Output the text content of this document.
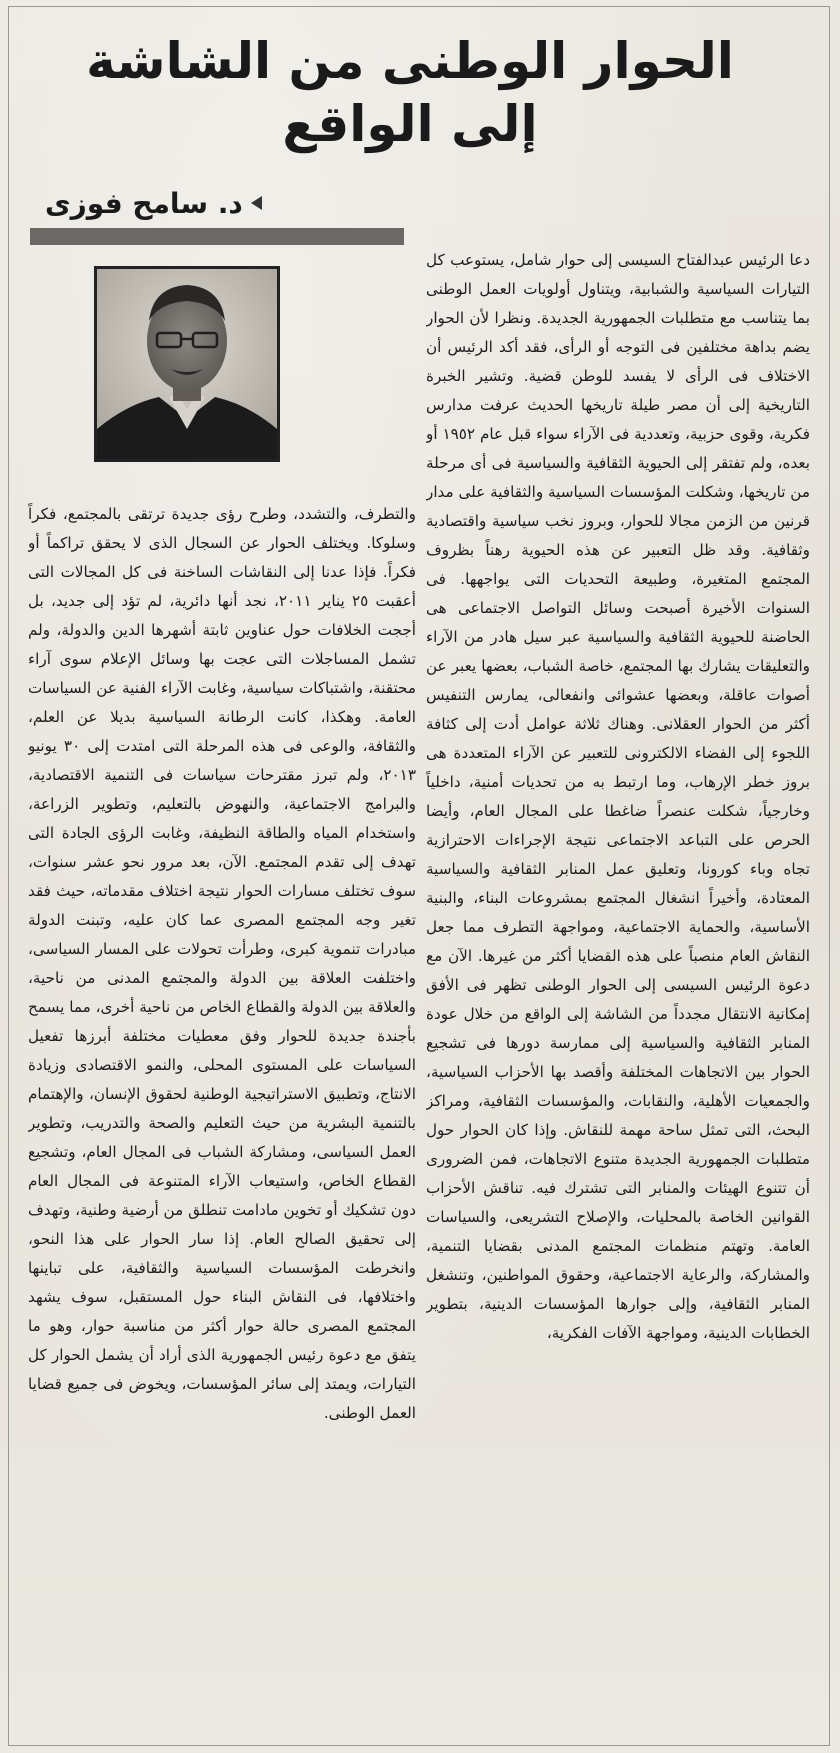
الحوار الوطنى من الشاشة إلى الواقع
د. سامح فوزى

دعا الرئيس عبدالفتاح السيسى إلى حوار شامل، يستوعب كل التيارات السياسية والشبابية، ويتناول أولويات العمل الوطنى بما يتناسب مع متطلبات الجمهورية الجديدة. ونظرا لأن الحوار يضم بداهة مختلفين فى التوجه أو الرأى، فقد أكد الرئيس أن الاختلاف فى الرأى لا يفسد للوطن قضية. وتشير الخبرة التاريخية إلى أن مصر طيلة تاريخها الحديث عرفت مدارس فكرية، وقوى حزبية، وتعددية فى الآراء سواء قبل عام ١٩٥٢ أو بعده، ولم تفتقر إلى الحيوية الثقافية والسياسية فى أى مرحلة من تاريخها، وشكلت المؤسسات السياسية والثقافية على مدار قرنين من الزمن مجالا للحوار، وبروز نخب سياسية واقتصادية وثقافية. وقد ظل التعبير عن هذه الحيوية رهناً بظروف المجتمع المتغيرة، وطبيعة التحديات التى يواجهها. فى السنوات الأخيرة أصبحت وسائل التواصل الاجتماعى هى الحاضنة للحيوية الثقافية والسياسية عبر سيل هادر من الآراء والتعليقات يشارك بها المجتمع، خاصة الشباب، بعضها يعبر عن أصوات عاقلة، وبعضها عشوائى وانفعالى، يمارس التنفيس أكثر من الحوار العقلانى. وهناك ثلاثة عوامل أدت إلى كثافة اللجوء إلى الفضاء الالكترونى للتعبير عن الآراء المتعددة هى بروز خطر الإرهاب، وما ارتبط به من تحديات أمنية، داخلياً وخارجياً، شكلت عنصراً ضاغطا على المجال العام، وأيضا الحرص على التباعد الاجتماعى نتيجة الإجراءات الاحترازية تجاه وباء كورونا، وتعليق عمل المنابر الثقافية والسياسية المعتادة، وأخيراً انشغال المجتمع بمشروعات البناء، والبنية الأساسية، والحماية الاجتماعية، ومواجهة التطرف مما جعل النقاش العام منصباً على هذه القضايا أكثر من غيرها. الآن مع دعوة الرئيس السيسى إلى الحوار الوطنى تظهر فى الأفق إمكانية الانتقال مجدداً من الشاشة إلى الواقع من خلال عودة المنابر الثقافية والسياسية إلى ممارسة دورها فى تشجيع الحوار بين الاتجاهات المختلفة وأقصد بها الأحزاب السياسية، والجمعيات الأهلية، والنقابات، والمؤسسات الثقافية، ومراكز البحث، التى تمثل ساحة مهمة للنقاش. وإذا كان الحوار حول متطلبات الجمهورية الجديدة متنوع الاتجاهات، فمن الضرورى أن تتنوع الهيئات والمنابر التى تشترك فيه. تناقش الأحزاب القوانين الخاصة بالمحليات، والإصلاح التشريعى، والسياسات العامة. وتهتم منظمات المجتمع المدنى بقضايا التنمية، والمشاركة، والرعاية الاجتماعية، وحقوق المواطنين، وتنشغل المنابر الثقافية، وإلى جوارها المؤسسات الدينية، بتطوير الخطابات الدينية، ومواجهة الآفات الفكرية،

والتطرف، والتشدد، وطرح رؤى جديدة ترتقى بالمجتمع، فكراً وسلوكا. ويختلف الحوار عن السجال الذى لا يحقق تراكماً أو فكراً. فإذا عدنا إلى النقاشات الساخنة فى كل المجالات التى أعقبت ٢٥ يناير ٢٠١١، نجد أنها دائرية، لم تؤد إلى جديد، بل أججت الخلافات حول عناوين ثابتة أشهرها الدين والدولة، ولم تشمل المساجلات التى عجت بها وسائل الإعلام سوى آراء محتقنة، واشتباكات سياسية، وغابت الآراء الفنية عن السياسات العامة. وهكذا، كانت الرطانة السياسية بديلا عن العلم، والثقافة، والوعى فى هذه المرحلة التى امتدت إلى ٣٠ يونيو ٢٠١٣، ولم تبرز مقترحات سياسات فى التنمية الاقتصادية، والبرامج الاجتماعية، والنهوض بالتعليم، وتطوير الزراعة، واستخدام المياه والطاقة النظيفة، وغابت الرؤى الجادة التى تهدف إلى تقدم المجتمع. الآن، بعد مرور نحو عشر سنوات، سوف تختلف مسارات الحوار نتيجة اختلاف مقدماته، حيث فقد تغير وجه المجتمع المصرى عما كان عليه، وتبنت الدولة مبادرات تنموية كبرى، وطرأت تحولات على المسار السياسى، واختلفت العلاقة بين الدولة والمجتمع المدنى من ناحية، والعلاقة بين الدولة والقطاع الخاص من ناحية أخرى، مما يسمح بأجندة جديدة للحوار وفق معطيات مختلفة أبرزها تفعيل السياسات على المستوى المحلى، والنمو الاقتصادى وزيادة الانتاج، وتطبيق الاستراتيجية الوطنية لحقوق الإنسان، والإهتمام بالتنمية البشرية من حيث التعليم والصحة والتدريب، وتطوير العمل السياسى، ومشاركة الشباب فى المجال العام، وتشجيع القطاع الخاص، واستيعاب الآراء المتنوعة فى المجال العام دون تشكيك أو تخوين مادامت تنطلق من أرضية وطنية، وتهدف إلى تحقيق الصالح العام. إذا سار الحوار على هذا النحو، وانخرطت المؤسسات السياسية والثقافية، على تباينها واختلافها، فى النقاش البناء حول المستقبل، سوف يشهد المجتمع المصرى حالة حوار أكثر من مناسبة حوار، وهو ما يتفق مع دعوة رئيس الجمهورية الذى أراد أن يشمل الحوار كل التيارات، ويمتد إلى سائر المؤسسات، ويخوض فى جميع قضايا العمل الوطنى.
